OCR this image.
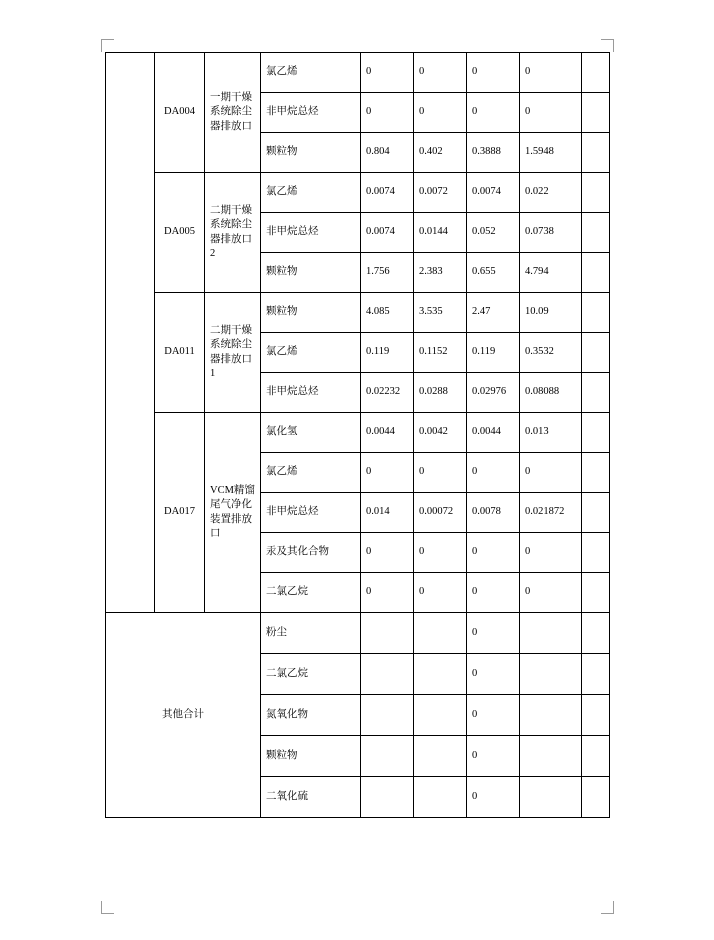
	DA004	一期干燥系统除尘器排放口	氯乙烯	0	0	0	0	
			非甲烷总烃	0	0	0	0	
			颗粒物	0.804	0.402	0.3888	1.5948	
	DA005	二期干燥系统除尘器排放口2	氯乙烯	0.0074	0.0072	0.0074	0.022	
			非甲烷总烃	0.0074	0.0144	0.052	0.0738	
			颗粒物	1.756	2.383	0.655	4.794	
	DA011	二期干燥系统除尘器排放口1	颗粒物	4.085	3.535	2.47	10.09	
			氯乙烯	0.119	0.1152	0.119	0.3532	
			非甲烷总烃	0.02232	0.0288	0.02976	0.08088	
	DA017	VCM精馏尾气净化装置排放口	氯化氢	0.0044	0.0042	0.0044	0.013	
			氯乙烯	0	0	0	0	
			非甲烷总烃	0.014	0.00072	0.0078	0.021872	
			汞及其化合物	0	0	0	0	
			二氯乙烷	0	0	0	0	
其他合计			粉尘			0		
			二氯乙烷			0		
			氮氧化物			0		
			颗粒物			0		
			二氧化硫			0		
